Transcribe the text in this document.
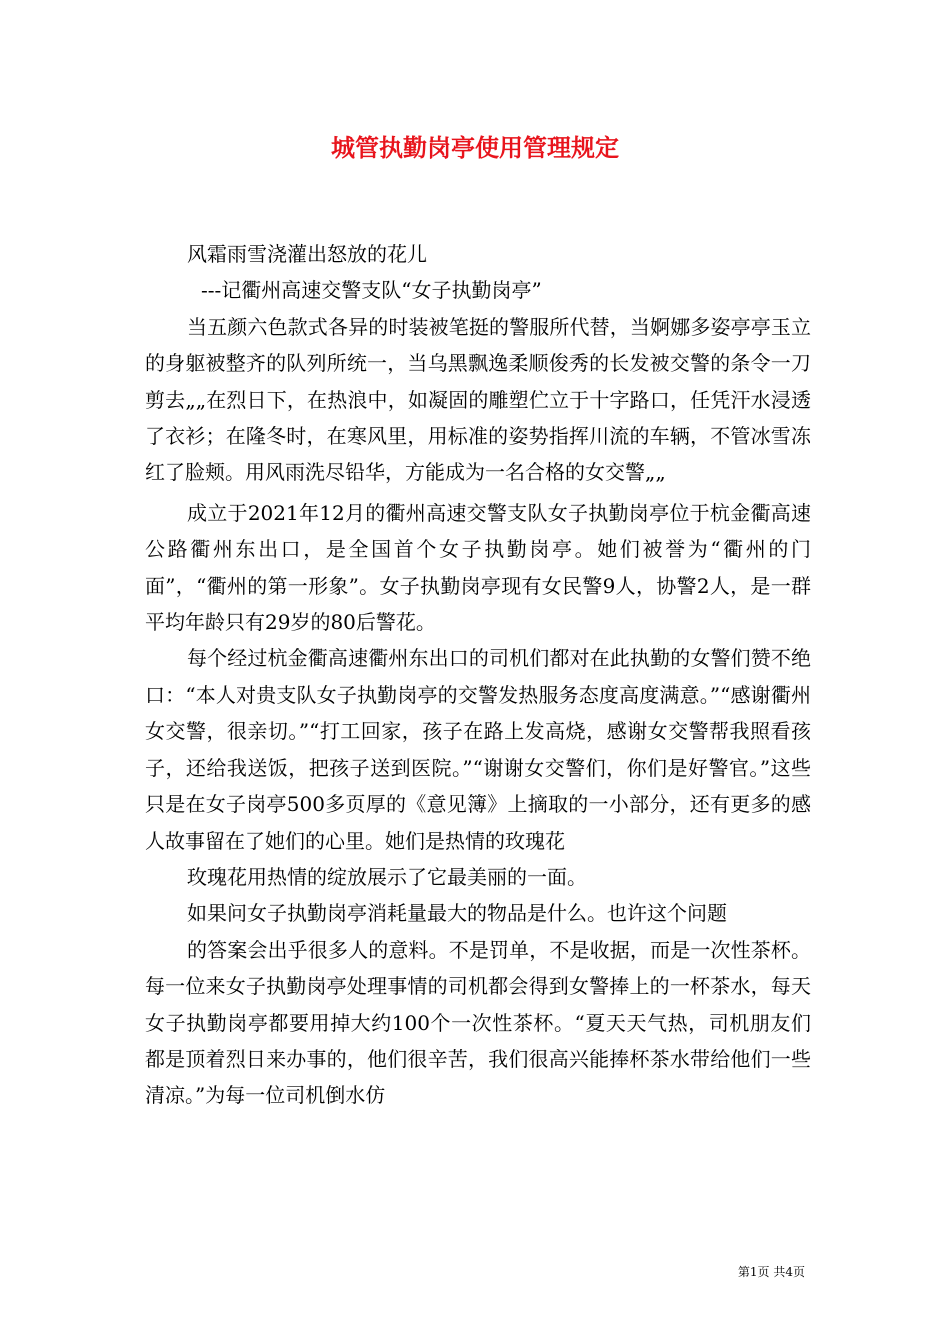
城管执勤岗亭使用管理规定

风霜雨雪浇灌出怒放的花儿

---记衢州高速交警支队“女子执勤岗亭”

当五颜六色款式各异的时装被笔挺的警服所代替，当婀娜多姿亭亭玉立的身躯被整齐的队列所统一，当乌黑飘逸柔顺俊秀的长发被交警的条令一刀剪去„„在烈日下，在热浪中，如凝固的雕塑伫立于十字路口，任凭汗水浸透了衣衫；在隆冬时，在寒风里，用标准的姿势指挥川流的车辆，不管冰雪冻红了脸颊。用风雨洗尽铅华，方能成为一名合格的女交警„„

成立于2021年12月的衢州高速交警支队女子执勤岗亭位于杭金衢高速公路衢州东出口，是全国首个女子执勤岗亭。她们被誉为“衢州的门面”，“衢州的第一形象”。女子执勤岗亭现有女民警9人，协警2人，是一群平均年龄只有29岁的80后警花。

每个经过杭金衢高速衢州东出口的司机们都对在此执勤的女警们赞不绝口：“本人对贵支队女子执勤岗亭的交警发热服务态度高度满意。”“感谢衢州女交警，很亲切。”“打工回家，孩子在路上发高烧，感谢女交警帮我照看孩子，还给我送饭，把孩子送到医院。”“谢谢女交警们，你们是好警官。”这些只是在女子岗亭500多页厚的《意见簿》上摘取的一小部分，还有更多的感人故事留在了她们的心里。她们是热情的玫瑰花

玫瑰花用热情的绽放展示了它最美丽的一面。

如果问女子执勤岗亭消耗量最大的物品是什么。也许这个问题

的答案会出乎很多人的意料。不是罚单，不是收据，而是一次性茶杯。每一位来女子执勤岗亭处理事情的司机都会得到女警捧上的一杯茶水，每天女子执勤岗亭都要用掉大约100个一次性茶杯。“夏天天气热，司机朋友们都是顶着烈日来办事的，他们很辛苦，我们很高兴能捧杯茶水带给他们一些清凉。”为每一位司机倒水仿

第1页 共4页
